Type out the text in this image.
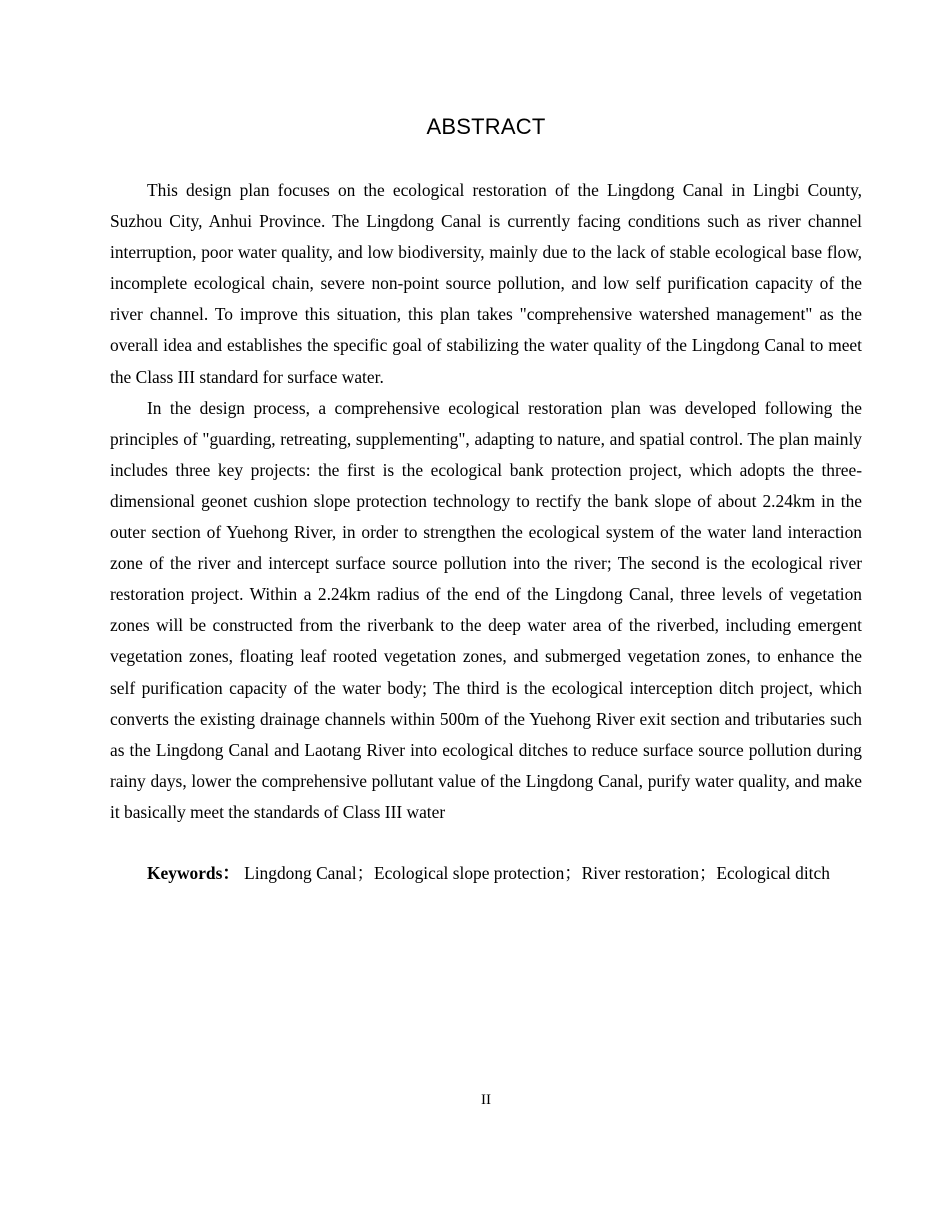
ABSTRACT

This design plan focuses on the ecological restoration of the Lingdong Canal in Lingbi County, Suzhou City, Anhui Province. The Lingdong Canal is currently facing conditions such as river channel interruption, poor water quality, and low biodiversity, mainly due to the lack of stable ecological base flow, incomplete ecological chain, severe non-point source pollution, and low self purification capacity of the river channel. To improve this situation, this plan takes "comprehensive watershed management" as the overall idea and establishes the specific goal of stabilizing the water quality of the Lingdong Canal to meet the Class III standard for surface water.

In the design process, a comprehensive ecological restoration plan was developed following the principles of "guarding, retreating, supplementing", adapting to nature, and spatial control. The plan mainly includes three key projects: the first is the ecological bank protection project, which adopts the three-dimensional geonet cushion slope protection technology to rectify the bank slope of about 2.24km in the outer section of Yuehong River, in order to strengthen the ecological system of the water land interaction zone of the river and intercept surface source pollution into the river; The second is the ecological river restoration project. Within a 2.24km radius of the end of the Lingdong Canal, three levels of vegetation zones will be constructed from the riverbank to the deep water area of the riverbed, including emergent vegetation zones, floating leaf rooted vegetation zones, and submerged vegetation zones, to enhance the self purification capacity of the water body; The third is the ecological interception ditch project, which converts the existing drainage channels within 500m of the Yuehong River exit section and tributaries such as the Lingdong Canal and Laotang River into ecological ditches to reduce surface source pollution during rainy days, lower the comprehensive pollutant value of the Lingdong Canal, purify water quality, and make it basically meet the standards of Class III water

Keywords： Lingdong Canal；Ecological slope protection；River restoration；Ecological ditch

II
